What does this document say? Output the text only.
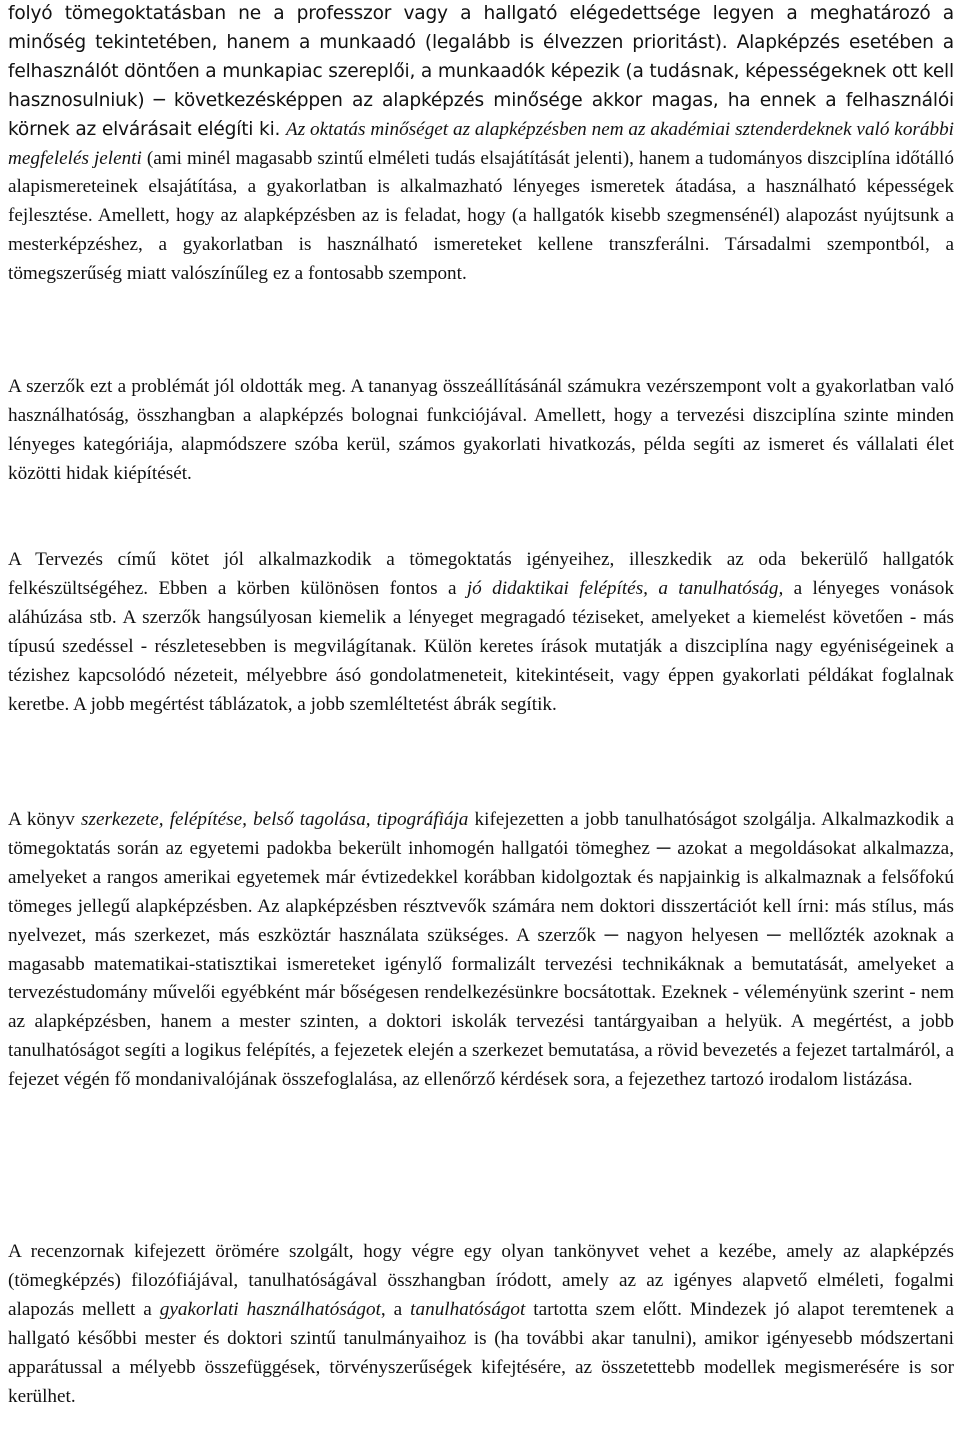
folyó tömegoktatásban ne a professzor vagy a hallgató elégedettsége legyen a meghatározó a minőség tekintetében, hanem a munkaadó (legalább is élvezzen prioritást). Alapképzés esetében a felhasználót döntően a munkapiac szereplői, a munkaadók képezik (a tudásnak, képességeknek ott kell hasznosulniuk) ─ következésképpen az alapképzés minősége akkor magas, ha ennek a felhasználói körnek az elvárásait elégíti ki. Az oktatás minőséget az alapképzésben nem az akadémiai sztenderdeknek való korábbi megfelelés jelenti (ami minél magasabb szintű elméleti tudás elsajátítását jelenti), hanem a tudományos diszciplína időtálló alapismereteinek elsajátítása, a gyakorlatban is alkalmazható lényeges ismeretek átadása, a használható képességek fejlesztése. Amellett, hogy az alapképzésben az is feladat, hogy (a hallgatók kisebb szegmensénél) alapozást nyújtsunk a mesterképzéshez, a gyakorlatban is használható ismereteket kellene transzferálni. Társadalmi szempontból, a tömegszerűség miatt valószínűleg ez a fontosabb szempont.

A szerzők ezt a problémát jól oldották meg. A tananyag összeállításánál számukra vezérszempont volt a gyakorlatban való használhatóság, összhangban a alapképzés bolognai funkciójával. Amellett, hogy a tervezési diszciplína szinte minden lényeges kategóriája, alapmódszere szóba kerül, számos gyakorlati hivatkozás, példa segíti az ismeret és vállalati élet közötti hidak kiépítését.

A Tervezés című kötet jól alkalmazkodik a tömegoktatás igényeihez, illeszkedik az oda bekerülő hallgatók felkészültségéhez. Ebben a körben különösen fontos a jó didaktikai felépítés, a tanulhatóság, a lényeges vonások aláhúzása stb. A szerzők hangsúlyosan kiemelik a lényeget megragadó téziseket, amelyeket a kiemelést követően - más típusú szedéssel - részletesebben is megvilágítanak. Külön keretes írások mutatják a diszciplína nagy egyéniségeinek a tézishez kapcsolódó nézeteit, mélyebbre ásó gondolatmeneteit, kitekintéseit, vagy éppen gyakorlati példákat foglalnak keretbe. A jobb megértést táblázatok, a jobb szemléltetést ábrák segítik.

A könyv szerkezete, felépítése, belső tagolása, tipográfiája kifejezetten a jobb tanulhatóságot szolgálja. Alkalmazkodik a tömegoktatás során az egyetemi padokba bekerült inhomogén hallgatói tömeghez ─ azokat a megoldásokat alkalmazza, amelyeket a rangos amerikai egyetemek már évtizedekkel korábban kidolgoztak és napjainkig is alkalmaznak a felsőfokú tömeges jellegű alapképzésben. Az alapképzésben résztvevők számára nem doktori disszertációt kell írni: más stílus, más nyelvezet, más szerkezet, más eszköztár használata szükséges. A szerzők ─ nagyon helyesen ─ mellőzték azoknak a magasabb matematikai-statisztikai ismereteket igénylő formalizált tervezési technikáknak a bemutatását, amelyeket a tervezéstudomány művelői egyébként már bőségesen rendelkezésünkre bocsátottak. Ezeknek - véleményünk szerint - nem az alapképzésben, hanem a mester szinten, a doktori iskolák tervezési tantárgyaiban a helyük. A megértést, a jobb tanulhatóságot segíti a logikus felépítés, a fejezetek elején a szerkezet bemutatása, a rövid bevezetés a fejezet tartalmáról, a fejezet végén fő mondanivalójának összefoglalása, az ellenőrző kérdések sora, a fejezethez tartozó irodalom listázása.

A recenzornak kifejezett örömére szolgált, hogy végre egy olyan tankönyvet vehet a kezébe, amely az alapképzés (tömegképzés) filozófiájával, tanulhatóságával összhangban íródott, amely az az igényes alapvető elméleti, fogalmi alapozás mellett a gyakorlati használhatóságot, a tanulhatóságot tartotta szem előtt. Mindezek jó alapot teremtenek a hallgató későbbi mester és doktori szintű tanulmányaihoz is (ha további akar tanulni), amikor igényesebb módszertani apparátussal a mélyebb összefüggések, törvényszerűségek kifejtésére, az összetettebb modellek megismerésére is sor kerülhet.
